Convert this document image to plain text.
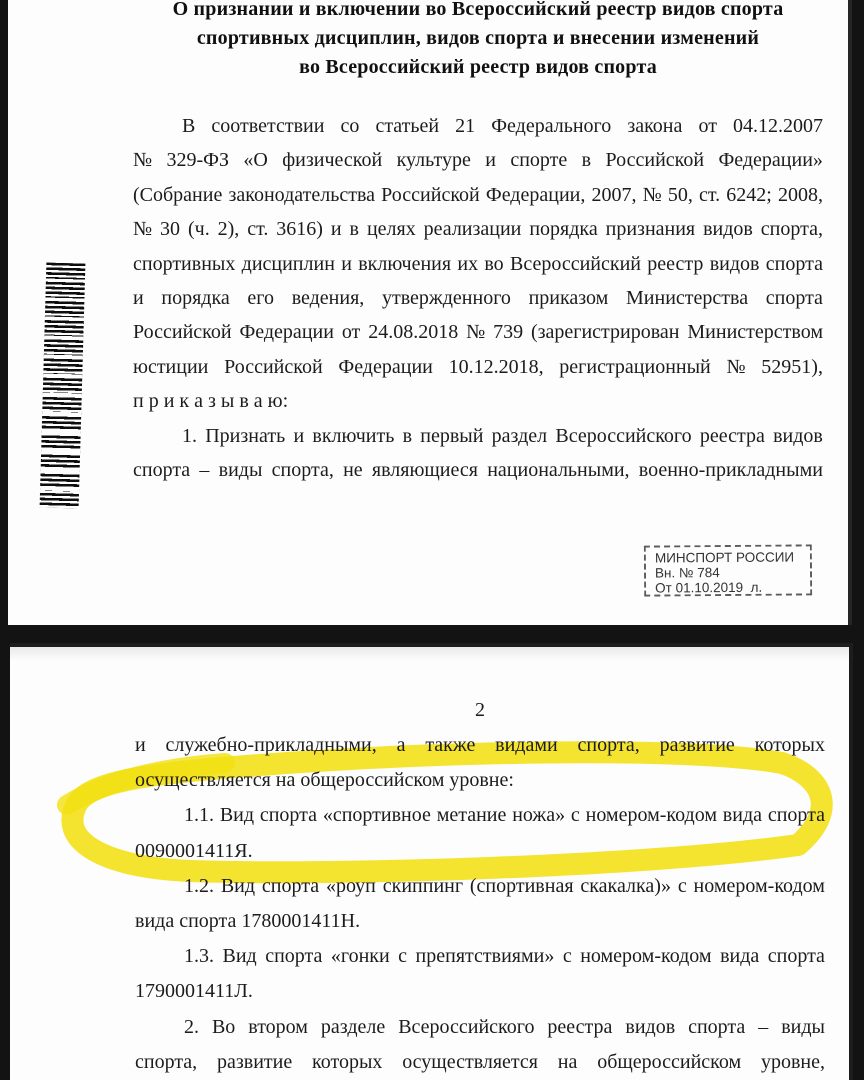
О признании и включении во Всероссийский реестр видов спорта
спортивных дисциплин, видов спорта и внесении изменений
во Всероссийский реестр видов спорта
В соответствии со статьей 21 Федерального закона от 04.12.2007
№ 329-ФЗ «О физической культуре и спорте в Российской Федерации»
(Собрание законодательства Российской Федерации, 2007, № 50, ст. 6242; 2008,
№ 30 (ч. 2), ст. 3616) и в целях реализации порядка признания видов спорта,
спортивных дисциплин и включения их во Всероссийский реестр видов спорта
и порядка его ведения, утвержденного приказом Министерства спорта
Российской Федерации от 24.08.2018 № 739 (зарегистрирован Министерством
юстиции Российской Федерации 10.12.2018, регистрационный № 52951),
п р и к а з ы в а ю:
1. Признать и включить в первый раздел Всероссийского реестра видов
спорта – виды спорта, не являющиеся национальными, военно-прикладными
МИНСПОРТ РОССИИ
Вн. № 784
От 01.10.2019  л.
2
и служебно-прикладными, а также видами спорта, развитие которых
осуществляется на общероссийском уровне:
1.1. Вид спорта «спортивное метание ножа» с номером-кодом вида спорта
0090001411Я.
1.2. Вид спорта «роуп скиппинг (спортивная скакалка)» с номером-кодом
вида спорта 1780001411Н.
1.3. Вид спорта «гонки с препятствиями» с номером-кодом вида спорта
1790001411Л.
2. Во втором разделе Всероссийского реестра видов спорта – виды
спорта, развитие которых осуществляется на общероссийском уровне,
